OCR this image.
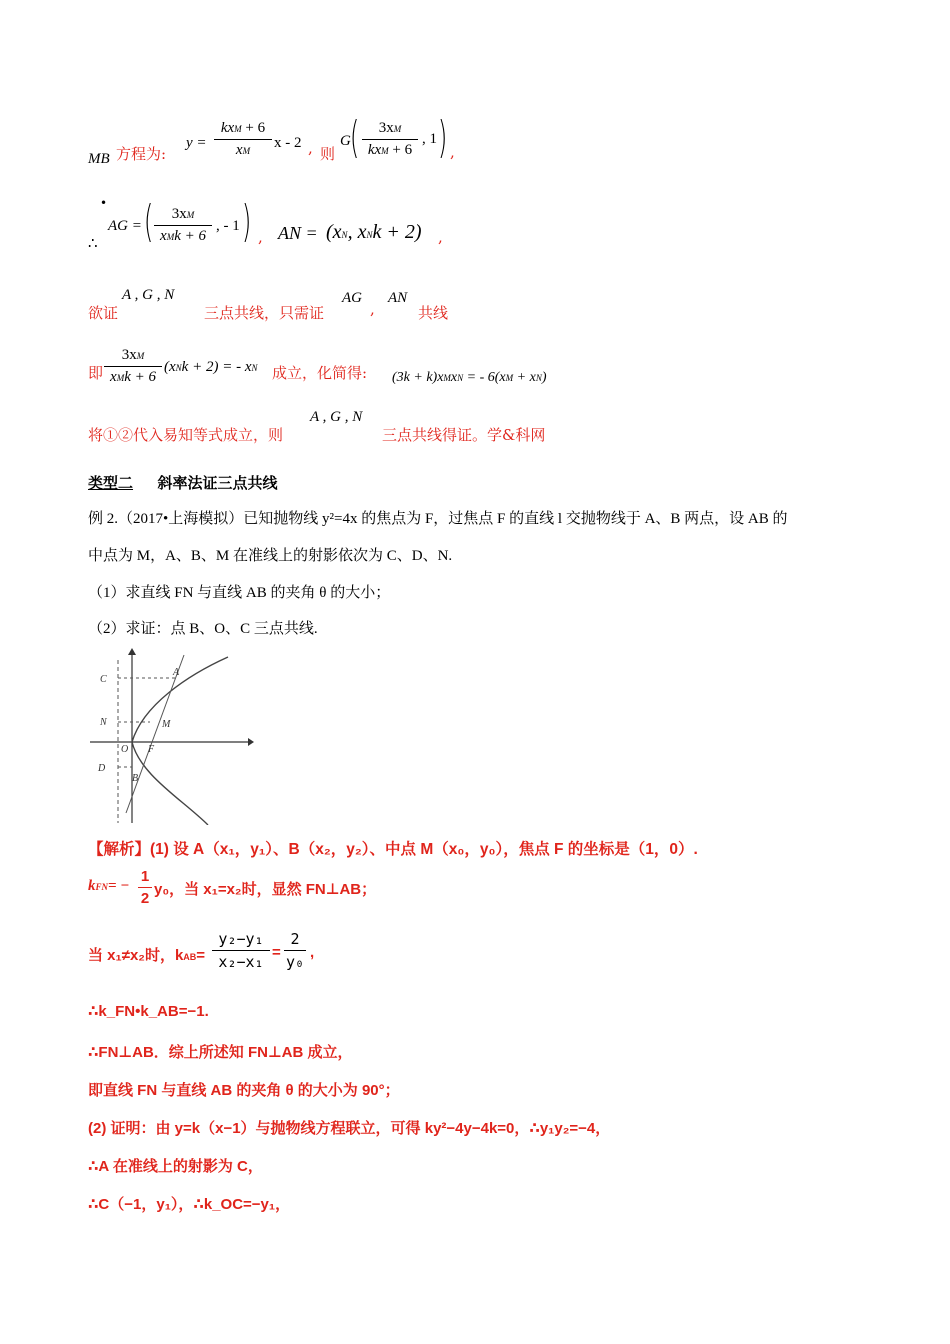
MB 方程为:
y =
kxM + 6
xM	x - 2 , 则
G (	3xM
kxM + 6
, 1 ) ,
•
∴
AG = (	3xM
xMk + 6
, - 1 ) , AN = (xN, xNk + 2) ,
欲证
A , G , N
三点共线，只需证
AG
,
AN
共线
即
3xM
xMk + 6
(xNk + 2) = - xN 成立，化简得: (3k + k)xMxN = - 6(xM + xN)
将①②代入易知等式成立，则
A , G , N
三点共线得证。学&科网
类型二 斜率法证三点共线
例 2.（2017•上海模拟）已知抛物线 y²=4x 的焦点为 F，过焦点 F 的直线 l 交抛物线于 A、B 两点，设 AB 的
中点为 M，A、B、M 在准线上的射影依次为 C、D、N.
（1）求直线 FN 与直线 AB 的夹角 θ 的大小；
（2）求证：点 B、O、C 三点共线.
C
A
N	M
O F
D
B
【解析】(1) 设 A（x₁，y₁）、B（x₂，y₂）、中点 M（x₀，y₀），焦点 F 的坐标是（1，0）.
kFN= −
1
2
y₀，当 x₁=x₂时，显然 FN⊥AB；
当 x₁≠x₂时，kAB=
y₂−y₁
x₂−x₁
=
2
y₀
,
∴k_FN•k_AB=−1.
∴FN⊥AB．综上所述知 FN⊥AB 成立，
即直线 FN 与直线 AB 的夹角 θ 的大小为 90°；
(2) 证明：由 y=k（x−1）与抛物线方程联立，可得 ky²−4y−4k=0，∴y₁y₂=−4，
∴A 在准线上的射影为 C，
∴C（−1，y₁），∴k_OC=−y₁，
